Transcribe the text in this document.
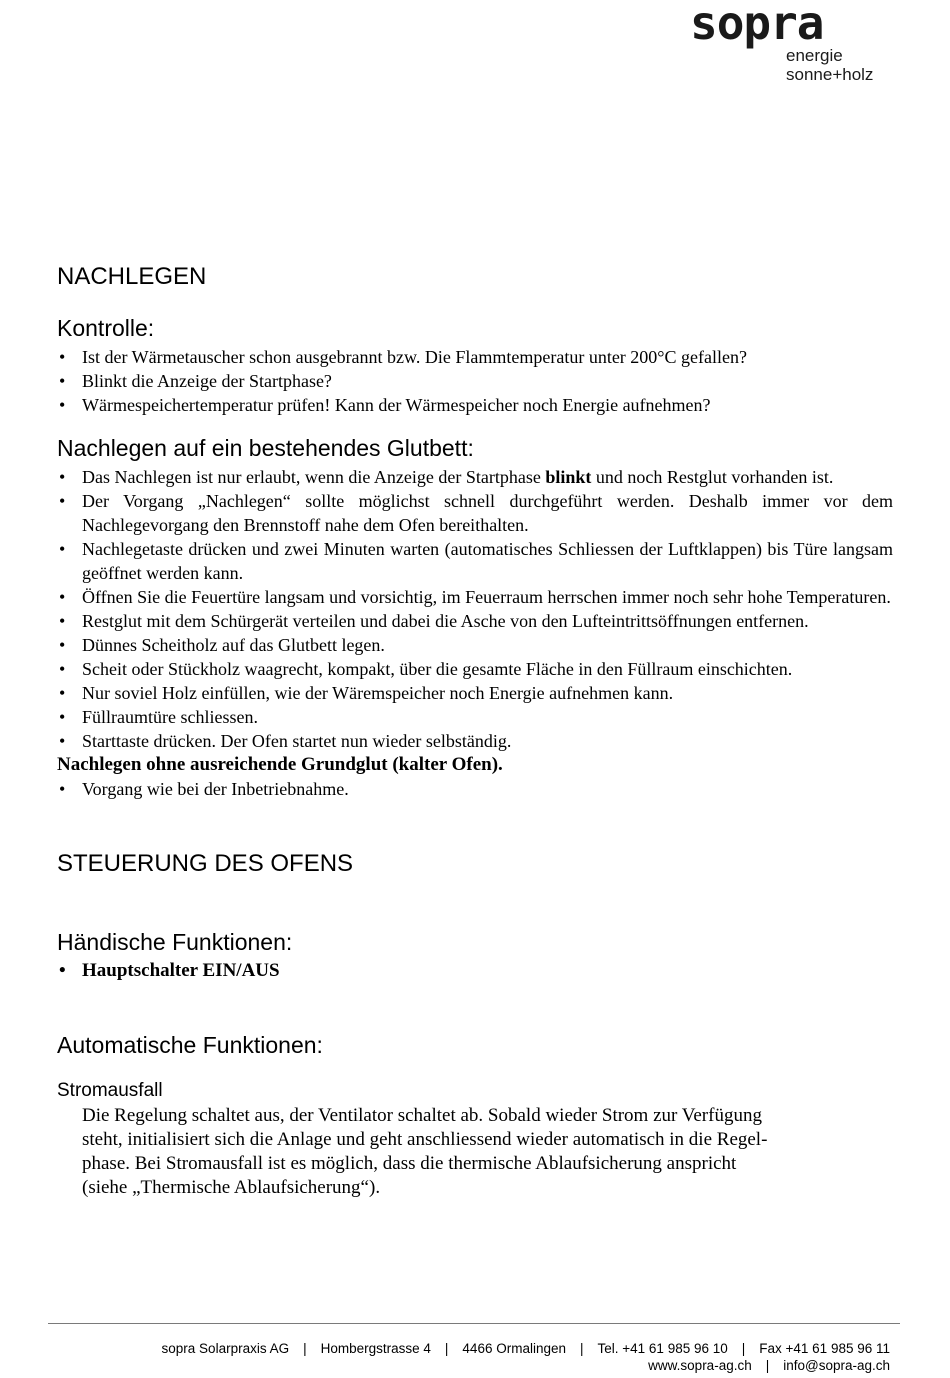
sopra
energie
sonne+holz
NACHLEGEN
Kontrolle:
• Ist der Wärmetauscher schon ausgebrannt bzw. Die Flammtemperatur unter 200°C gefallen?
• Blinkt die Anzeige der Startphase?
• Wärmespeichertemperatur prüfen! Kann der Wärmespeicher noch Energie aufnehmen?
Nachlegen auf ein bestehendes Glutbett:
• Das Nachlegen ist nur erlaubt, wenn die Anzeige der Startphase blinkt und noch Restglut vorhanden ist.
• Der Vorgang „Nachlegen“ sollte möglichst schnell durchgeführt werden. Deshalb immer vor dem Nachlegevorgang den Brennstoff nahe dem Ofen bereithalten.
• Nachlegetaste drücken und zwei Minuten warten (automatisches Schliessen der Luftklappen) bis Türe langsam geöffnet werden kann.
• Öffnen Sie die Feuertüre langsam und vorsichtig, im Feuerraum herrschen immer noch sehr hohe Temperaturen.
• Restglut mit dem Schürgerät verteilen und dabei die Asche von den Lufteintrittsöffnungen entfernen.
• Dünnes Scheitholz auf das Glutbett legen.
• Scheit oder Stückholz waagrecht, kompakt, über die gesamte Fläche in den Füllraum einschichten.
• Nur soviel Holz einfüllen, wie der Wäremspeicher noch Energie aufnehmen kann.
• Füllraumtüre schliessen.
• Starttaste drücken. Der Ofen startet nun wieder selbständig.
Nachlegen ohne ausreichende Grundglut (kalter Ofen).
• Vorgang wie bei der Inbetriebnahme.
STEUERUNG DES OFENS
Händische Funktionen:
• Hauptschalter EIN/AUS
Automatische Funktionen:
Stromausfall
Die Regelung schaltet aus, der Ventilator schaltet ab. Sobald wieder Strom zur Verfügung
steht, initialisiert sich die Anlage und geht anschliessend wieder automatisch in die Regel-
phase. Bei Stromausfall ist es möglich, dass die thermische Ablaufsicherung anspricht
(siehe „Thermische Ablaufsicherung“).
sopra Solarpraxis AG | Hombergstrasse 4 | 4466 Ormalingen | Tel. +41 61 985 96 10 | Fax +41 61 985 96 11
www.sopra-ag.ch | info@sopra-ag.ch
